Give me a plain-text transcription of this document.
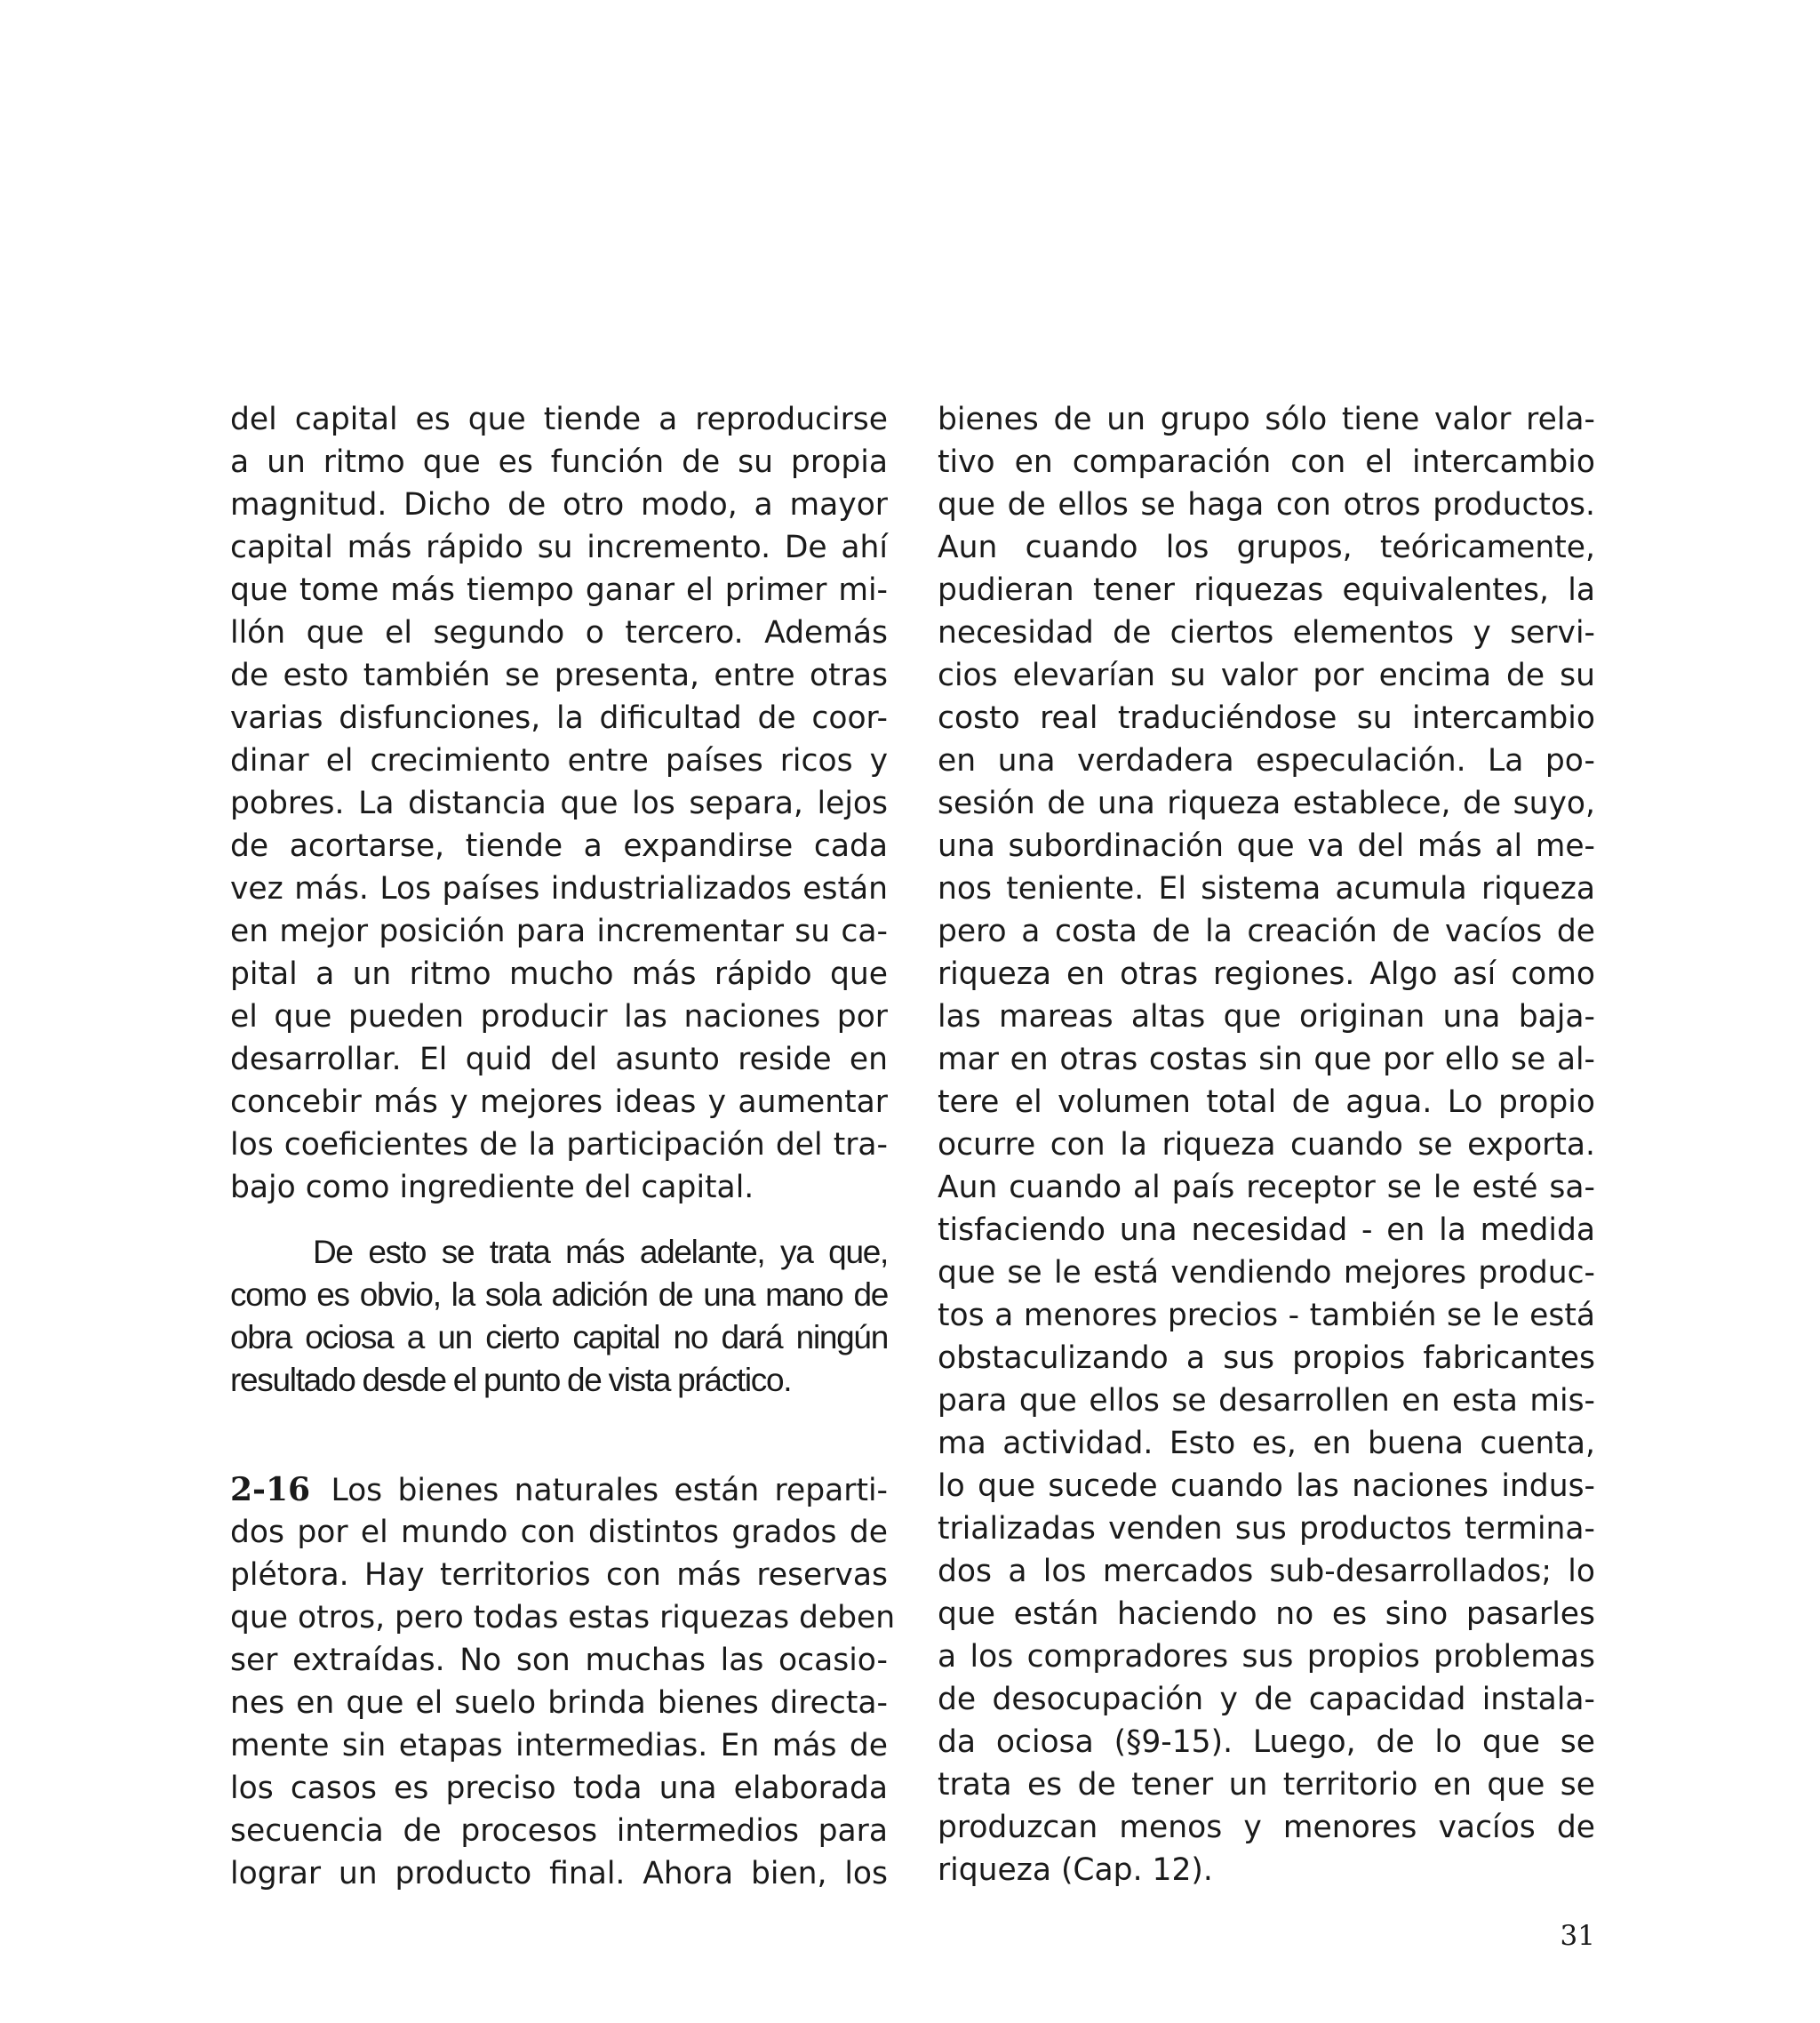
del capital es que tiende a reproducirse
a un ritmo que es función de su propia
magnitud. Dicho de otro modo, a mayor
capital más rápido su incremento. De ahí
que tome más tiempo ganar el primer mi-
llón que el segundo o tercero. Además
de esto también se presenta, entre otras
varias disfunciones, la dificultad de coor-
dinar el crecimiento entre países ricos y
pobres. La distancia que los separa, lejos
de acortarse, tiende a expandirse cada
vez más. Los países industrializados están
en mejor posición para incrementar su ca-
pital a un ritmo mucho más rápido que
el que pueden producir las naciones por
desarrollar. El quid del asunto reside en
concebir más y mejores ideas y aumentar
los coeficientes de la participación del tra-
bajo como ingrediente del capital.
De esto se trata más adelante, ya que,
como es obvio, la sola adición de una mano de
obra ociosa a un cierto capital no dará ningún
resultado desde el punto de vista práctico.
2-16 Los bienes naturales están reparti-
dos por el mundo con distintos grados de
plétora. Hay territorios con más reservas
que otros, pero todas estas riquezas deben
ser extraídas. No son muchas las ocasio-
nes en que el suelo brinda bienes directa-
mente sin etapas intermedias. En más de
los casos es preciso toda una elaborada
secuencia de procesos intermedios para
lograr un producto final. Ahora bien, los
bienes de un grupo sólo tiene valor rela-
tivo en comparación con el intercambio
que de ellos se haga con otros productos.
Aun cuando los grupos, teóricamente,
pudieran tener riquezas equivalentes, la
necesidad de ciertos elementos y servi-
cios elevarían su valor por encima de su
costo real traduciéndose su intercambio
en una verdadera especulación. La po-
sesión de una riqueza establece, de suyo,
una subordinación que va del más al me-
nos teniente. El sistema acumula riqueza
pero a costa de la creación de vacíos de
riqueza en otras regiones. Algo así como
las mareas altas que originan una baja-
mar en otras costas sin que por ello se al-
tere el volumen total de agua. Lo propio
ocurre con la riqueza cuando se exporta.
Aun cuando al país receptor se le esté sa-
tisfaciendo una necesidad - en la medida
que se le está vendiendo mejores produc-
tos a menores precios - también se le está
obstaculizando a sus propios fabricantes
para que ellos se desarrollen en esta mis-
ma actividad. Esto es, en buena cuenta,
lo que sucede cuando las naciones indus-
trializadas venden sus productos termina-
dos a los mercados sub-desarrollados; lo
que están haciendo no es sino pasarles
a los compradores sus propios problemas
de desocupación y de capacidad instala-
da ociosa (§9-15). Luego, de lo que se
trata es de tener un territorio en que se
produzcan menos y menores vacíos de
riqueza (Cap. 12).
31
